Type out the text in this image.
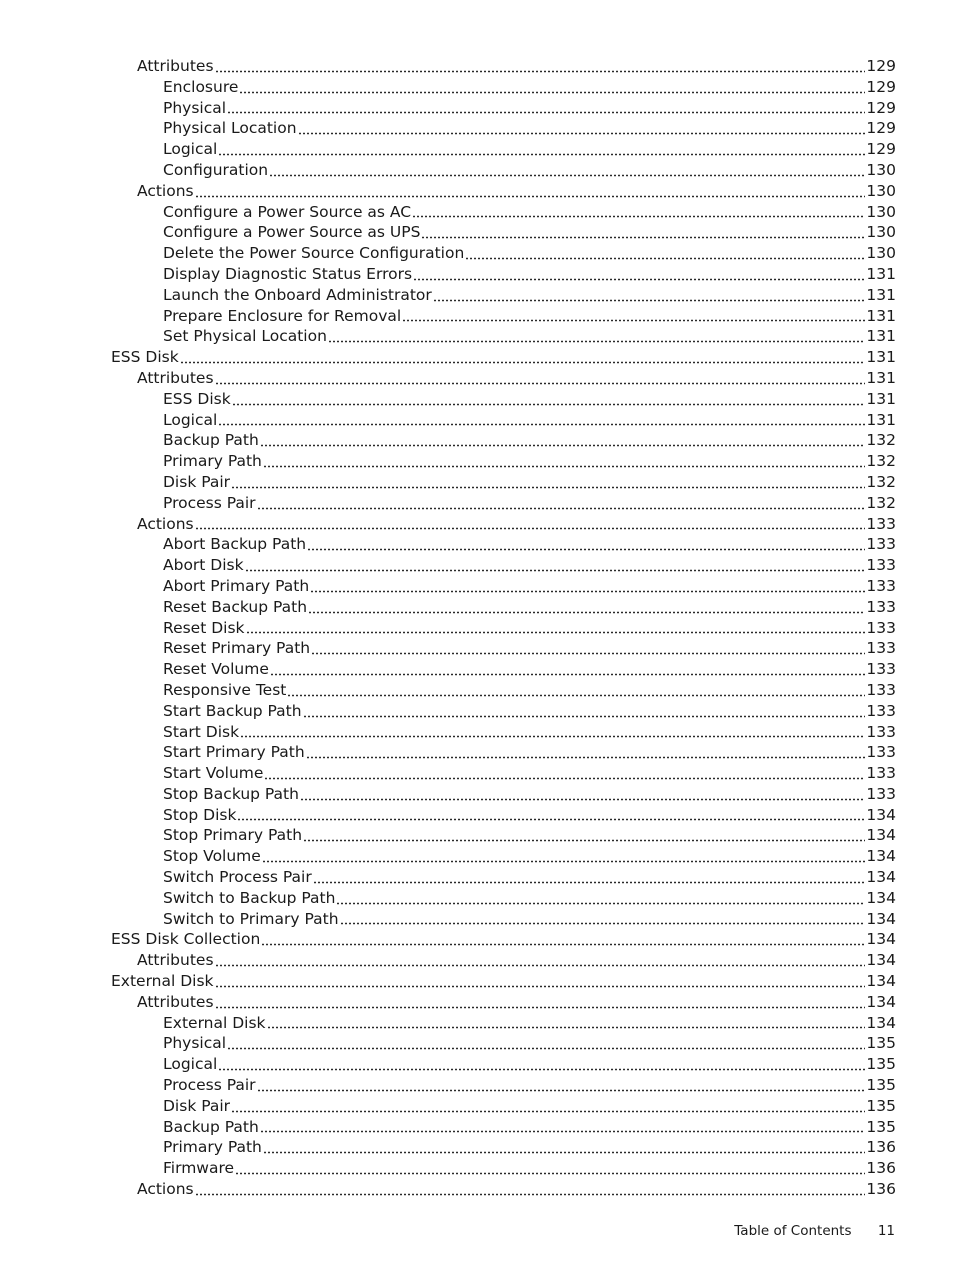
Attributes	129
Enclosure	129
Physical	129
Physical Location	129
Logical	129
Configuration	130
Actions	130
Configure a Power Source as AC	130
Configure a Power Source as UPS	130
Delete the Power Source Configuration	130
Display Diagnostic Status Errors	131
Launch the Onboard Administrator	131
Prepare Enclosure for Removal	131
Set Physical Location	131
ESS Disk	131
Attributes	131
ESS Disk	131
Logical	131
Backup Path	132
Primary Path	132
Disk Pair	132
Process Pair	132
Actions	133
Abort Backup Path	133
Abort Disk	133
Abort Primary Path	133
Reset Backup Path	133
Reset Disk	133
Reset Primary Path	133
Reset Volume	133
Responsive Test	133
Start Backup Path	133
Start Disk	133
Start Primary Path	133
Start Volume	133
Stop Backup Path	133
Stop Disk	134
Stop Primary Path	134
Stop Volume	134
Switch Process Pair	134
Switch to Backup Path	134
Switch to Primary Path	134
ESS Disk Collection	134
Attributes	134
External Disk	134
Attributes	134
External Disk	134
Physical	135
Logical	135
Process Pair	135
Disk Pair	135
Backup Path	135
Primary Path	136
Firmware	136
Actions	136
Table of Contents 11
